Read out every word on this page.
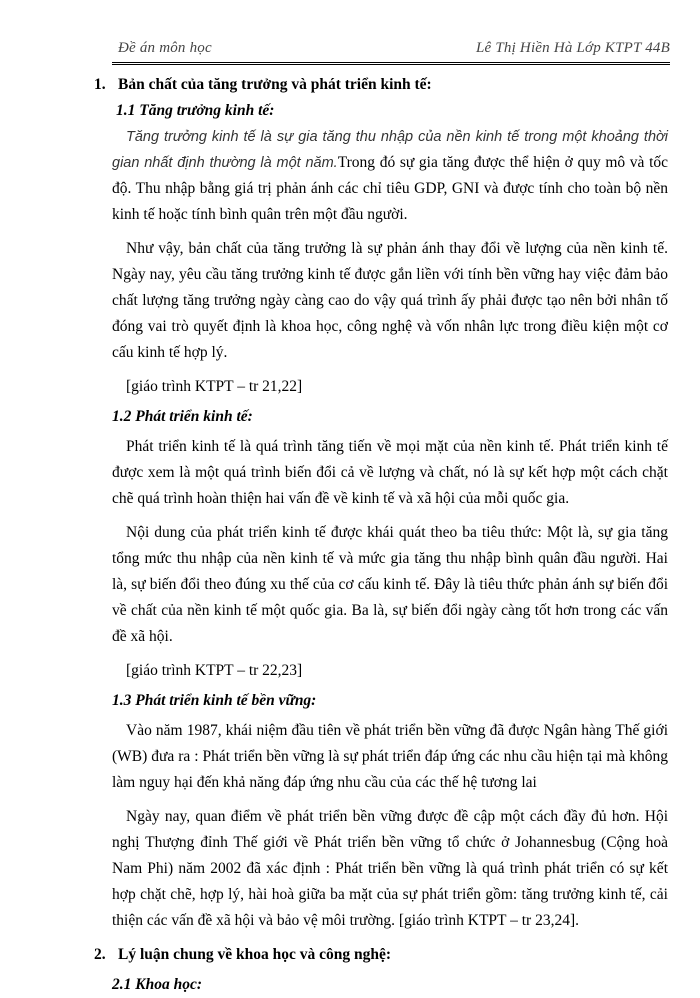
Đề án môn học	Lê Thị Hiền Hà Lớp KTPT 44B
1. Bản chất của tăng trưởng và phát triển kinh tế:
1.1 Tăng trưởng kinh tế:

Tăng trưởng kinh tế là sự gia tăng thu nhập của nền kinh tế trong một khoảng thời gian nhất định thường là một năm.Trong đó sự gia tăng được thể hiện ở quy mô và tốc độ. Thu nhập bằng giá trị phản ánh các chỉ tiêu GDP, GNI và được tính cho toàn bộ nền kinh tế hoặc tính bình quân trên một đầu người.

Như vậy, bản chất của tăng trưởng là sự phản ánh thay đổi về lượng của nền kinh tế. Ngày nay, yêu cầu tăng trưởng kinh tế được gắn liền với tính bền vững hay việc đảm bảo chất lượng tăng trưởng ngày càng cao do vậy quá trình ấy phải được tạo nên bởi nhân tố đóng vai trò quyết định là khoa học, công nghệ và vốn nhân lực trong điều kiện một cơ cấu kinh tế hợp lý.

[giáo trình KTPT – tr 21,22]

1.2 Phát triển kinh tế:

Phát triển kinh tế là quá trình tăng tiến về mọi mặt của nền kinh tế. Phát triển kinh tế được xem là một quá trình biến đổi cả về lượng và chất, nó là sự kết hợp một cách chặt chẽ quá trình hoàn thiện hai vấn đề về kinh tế và xã hội của mỗi quốc gia.

Nội dung của phát triển kinh tế được khái quát theo ba tiêu thức: Một là, sự gia tăng tổng mức thu nhập của nền kinh tế và mức gia tăng thu nhập bình quân đầu người. Hai là, sự biến đổi theo đúng xu thế của cơ cấu kinh tế. Đây là tiêu thức phản ánh sự biến đổi về chất của nền kinh tế một quốc gia. Ba là, sự biến đổi ngày càng tốt hơn trong các vấn đề xã hội.

[giáo trình KTPT – tr 22,23]

1.3 Phát triển kinh tế bền vững:

Vào năm 1987, khái niệm đầu tiên về phát triển bền vững đã được Ngân hàng Thế giới (WB) đưa ra : Phát triển bền vững là sự phát triển đáp ứng các nhu cầu hiện tại mà không làm nguy hại đến khả năng đáp ứng nhu cầu của các thế hệ tương lai

Ngày nay, quan điểm về phát triển bền vững được đề cập một cách đầy đủ hơn. Hội nghị Thượng đỉnh Thế giới về Phát triển bền vững tổ chức ở Johannesbug (Cộng hoà Nam Phi) năm 2002 đã xác định : Phát triển bền vững là quá trình phát triển có sự kết hợp chặt chẽ, hợp lý, hài hoà giữa ba mặt của sự phát triển gồm: tăng trưởng kinh tế, cải thiện các vấn đề xã hội và bảo vệ môi trường. [giáo trình KTPT – tr 23,24].

2. Lý luận chung về khoa học và công nghệ:
2.1 Khoa học:
